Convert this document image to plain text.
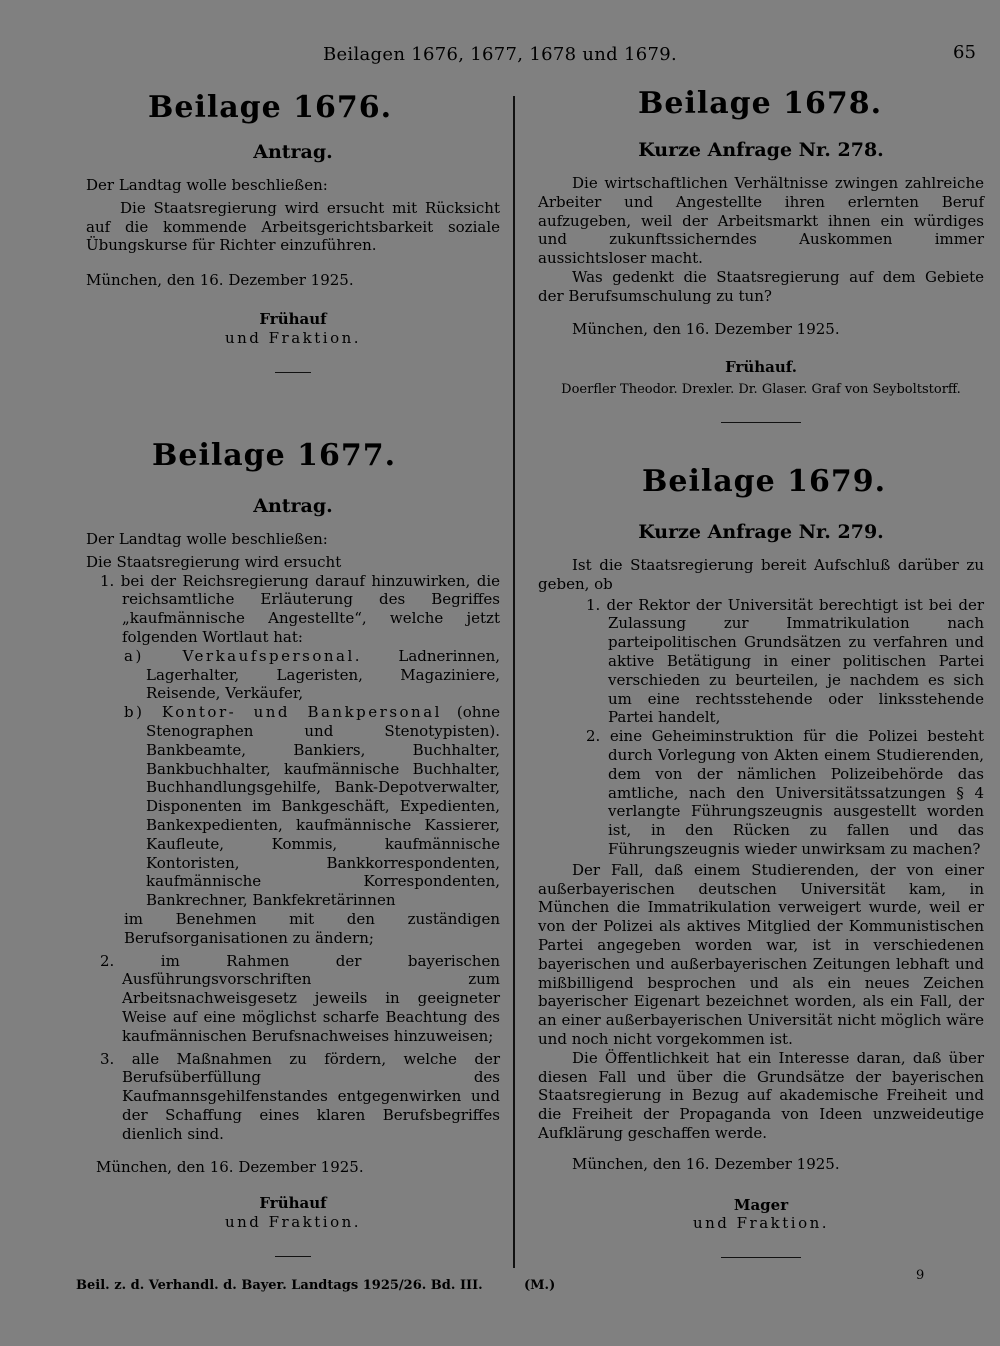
Beilagen 1676, 1677, 1678 und 1679.	65
Beilage 1676.
Antrag.

Der Landtag wolle beschließen:

Die Staatsregierung wird ersucht mit Rücksicht auf die kommende Arbeitsgerichtsbarkeit soziale Übungskurse für Richter einzuführen.

München, den 16. Dezember 1925.

Frühauf
und Fraktion.
Beilage 1677.
Antrag.

Der Landtag wolle beschließen:

Die Staatsregierung wird ersucht

1. bei der Reichsregierung darauf hinzuwirken, die reichsamtliche Erläuterung des Begriffes „kaufmännische Angestellte“, welche jetzt folgenden Wortlaut hat:

a) Verkaufspersonal. Ladnerinnen, Lagerhalter, Lageristen, Magaziniere, Reisende, Verkäufer,

b) Kontor- und Bankpersonal (ohne Stenographen und Stenotypisten). Bankbeamte, Bankiers, Buchhalter, Bankbuchhalter, kaufmännische Buchhalter, Buchhandlungsgehilfe, Bank-Depotverwalter, Disponenten im Bankgeschäft, Expedienten, Bankexpedienten, kaufmännische Kassierer, Kaufleute, Kommis, kaufmännische Kontoristen, Bankkorrespondenten, kaufmännische Korrespondenten, Bankrechner, Bankfekretärinnen

im Benehmen mit den zuständigen Berufsorganisationen zu ändern;

2. im Rahmen der bayerischen Ausführungsvorschriften zum Arbeitsnachweisgesetz jeweils in geeigneter Weise auf eine möglichst scharfe Beachtung des kaufmännischen Berufsnachweises hinzuweisen;

3. alle Maßnahmen zu fördern, welche der Berufsüberfüllung des Kaufmannsgehilfenstandes entgegenwirken und der Schaffung eines klaren Berufsbegriffes dienlich sind.

München, den 16. Dezember 1925.

Frühauf
und Fraktion.
Beilage 1678.
Kurze Anfrage Nr. 278.

Die wirtschaftlichen Verhältnisse zwingen zahlreiche Arbeiter und Angestellte ihren erlernten Beruf aufzugeben, weil der Arbeitsmarkt ihnen ein würdiges und zukunftssicherndes Auskommen immer aussichtsloser macht.

Was gedenkt die Staatsregierung auf dem Gebiete der Berufsumschulung zu tun?

München, den 16. Dezember 1925.

Frühauf.
Doerfler Theodor. Drexler. Dr. Glaser. Graf von Seyboltstorff.
Beilage 1679.
Kurze Anfrage Nr. 279.

Ist die Staatsregierung bereit Aufschluß darüber zu geben, ob

1. der Rektor der Universität berechtigt ist bei der Zulassung zur Immatrikulation nach parteipolitischen Grundsätzen zu verfahren und aktive Betätigung in einer politischen Partei verschieden zu beurteilen, je nachdem es sich um eine rechtsstehende oder linksstehende Partei handelt,

2. eine Geheiminstruktion für die Polizei besteht durch Vorlegung von Akten einem Studierenden, dem von der nämlichen Polizeibehörde das amtliche, nach den Universitätssatzungen § 4 verlangte Führungszeugnis ausgestellt worden ist, in den Rücken zu fallen und das Führungszeugnis wieder unwirksam zu machen?

Der Fall, daß einem Studierenden, der von einer außerbayerischen deutschen Universität kam, in München die Immatrikulation verweigert wurde, weil er von der Polizei als aktives Mitglied der Kommunistischen Partei angegeben worden war, ist in verschiedenen bayerischen und außerbayerischen Zeitungen lebhaft und mißbilligend besprochen und als ein neues Zeichen bayerischer Eigenart bezeichnet worden, als ein Fall, der an einer außerbayerischen Universität nicht möglich wäre und noch nicht vorgekommen ist.

Die Öffentlichkeit hat ein Interesse daran, daß über diesen Fall und über die Grundsätze der bayerischen Staatsregierung in Bezug auf akademische Freiheit und die Freiheit der Propaganda von Ideen unzweideutige Aufklärung geschaffen werde.

München, den 16. Dezember 1925.

Mager
und Fraktion.
Beil. z. d. Verhandl. d. Bayer. Landtags 1925/26. Bd. III.	(M.)
9
